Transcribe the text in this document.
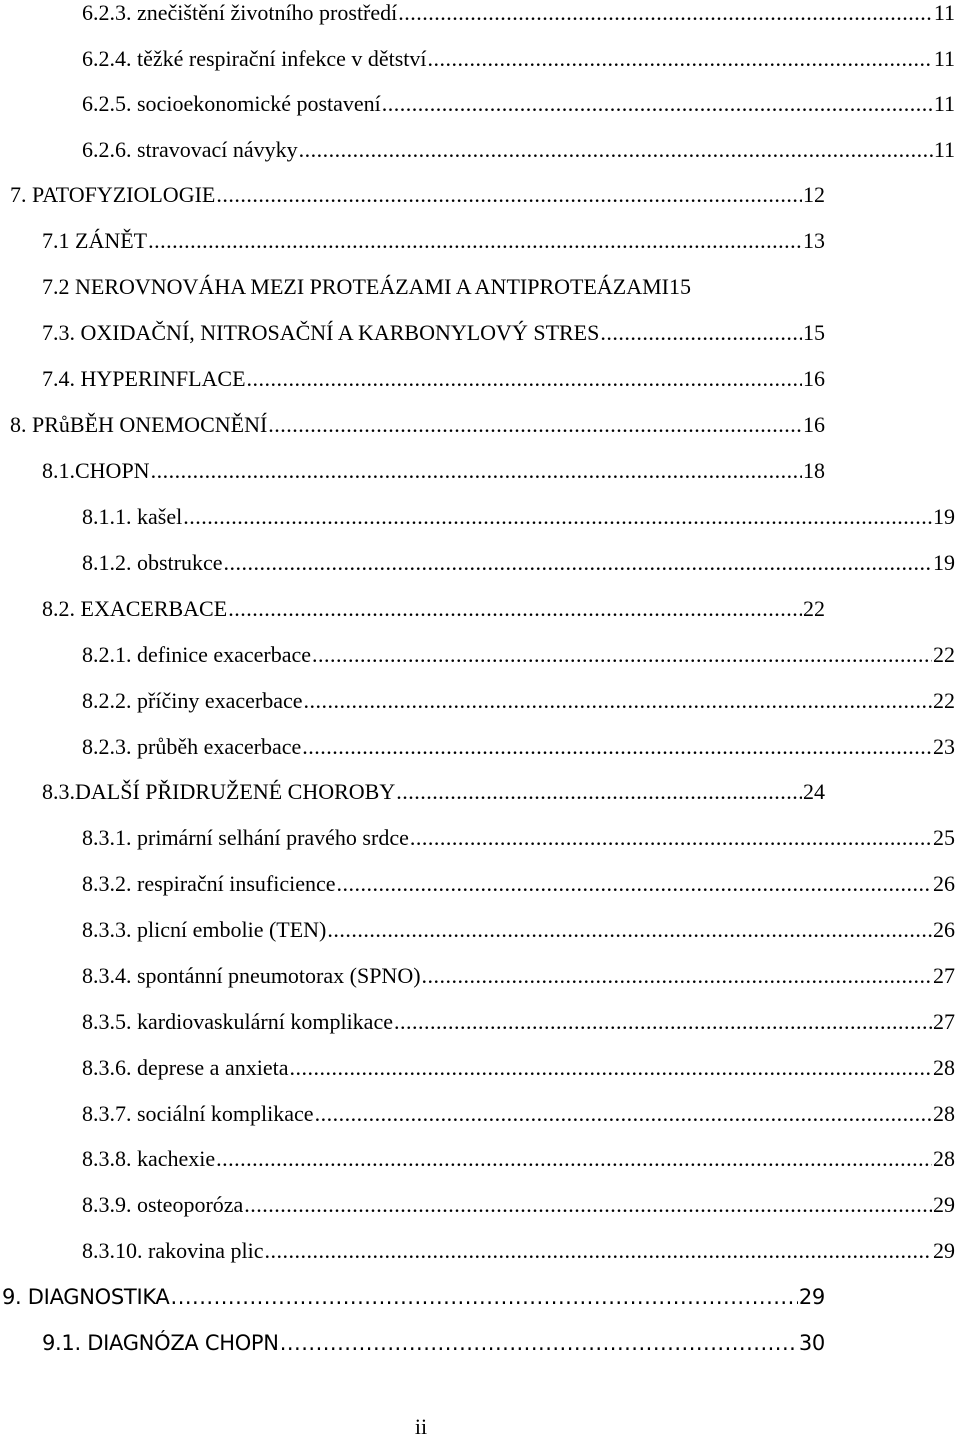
6.2.3. znečištění životního prostředí .....	11
6.2.4. těžké respirační infekce v dětství .....	11
6.2.5. socioekonomické postavení .....	11
6.2.6. stravovací návyky .....	11
7. PATOFYZIOLOGIE .....	12
7.1 ZÁNĚT .....	13
7.2 NEROVNOVÁHA MEZI PROTEÁZAMI A ANTIPROTEÁZAMI 15
7.3. OXIDAČNÍ, NITROSAČNÍ A KARBONYLOVÝ STRES .....	15
7.4. HYPERINFLACE .....	16
8. PRůBĚH ONEMOCNĚNÍ .....	16
8.1.CHOPN .....	18
8.1.1. kašel .....	19
8.1.2. obstrukce .....	19
8.2. EXACERBACE .....	22
8.2.1. definice exacerbace .....	22
8.2.2. příčiny exacerbace .....	22
8.2.3. průběh exacerbace .....	23
8.3.DALŠÍ PŘIDRUŽENÉ CHOROBY .....	24
8.3.1. primární selhání pravého srdce .....	25
8.3.2. respirační insuficience .....	26
8.3.3. plicní embolie (TEN) .....	26
8.3.4. spontánní pneumotorax (SPNO) .....	27
8.3.5. kardiovaskulární komplikace .....	27
8.3.6. deprese a anxieta .....	28
8.3.7. sociální komplikace .....	28
8.3.8. kachexie .....	28
8.3.9. osteoporóza .....	29
8.3.10. rakovina plic .....	29
9. DIAGNOSTIKA .....	29
9.1. DIAGNÓZA CHOPN .....	30
ii
